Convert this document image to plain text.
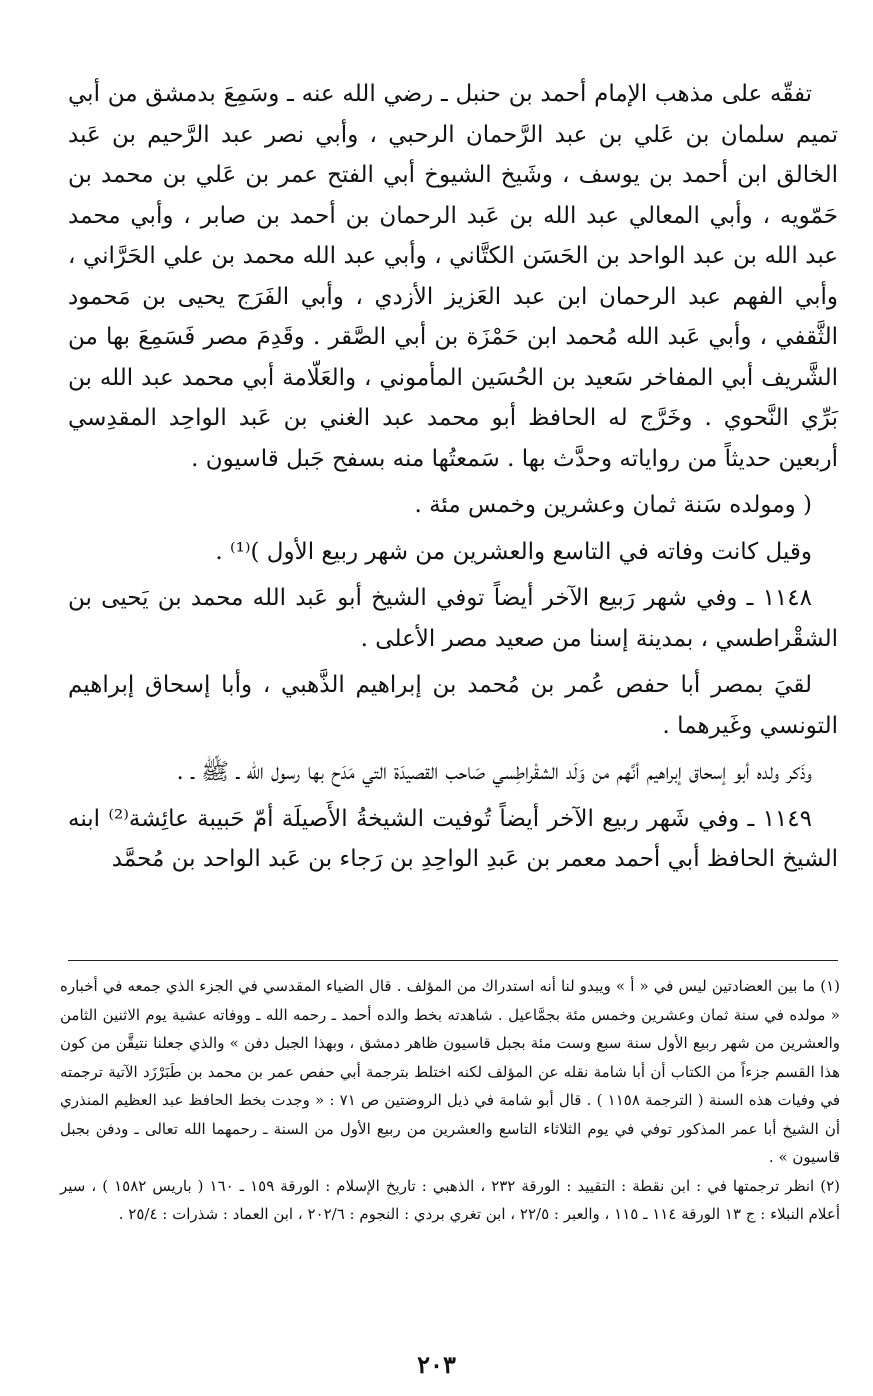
تفقّه على مذهب الإمام أحمد بن حنبل ـ رضي الله عنه ـ وسَمِعَ بدمشق من أبي تميم سلمان بن عَلي بن عبد الرَّحمان الرحبي ، وأبي نصر عبد الرَّحيم بن عَبد الخالق ابن أحمد بن يوسف ، وشَيخ الشيوخ أبي الفتح عمر بن عَلي بن محمد بن حَمّويه ، وأبي المعالي عبد الله بن عَبد الرحمان بن أحمد بن صابر ، وأبي محمد عبد الله بن عبد الواحد بن الحَسَن الكتَّاني ، وأبي عبد الله محمد بن علي الحَرَّاني ، وأبي الفهم عبد الرحمان ابن عبد العَزيز الأزدي ، وأبي الفَرَج يحيى بن مَحمود الثَّقفي ، وأبي عَبد الله مُحمد ابن حَمْزَة بن أبي الصَّقر . وقَدِمَ مصر فَسَمِعَ بها من الشَّريف أبي المفاخر سَعيد بن الحُسَين المأموني ، والعَلّامة أبي محمد عبد الله بن بَرِّي النَّحوي . وخَرَّج له الحافظ أبو محمد عبد الغني بن عَبد الواحِد المقدِسي أربعين حديثاً من رواياته وحدَّث بها . سَمعتُها منه بسفح جَبل قاسيون .

( ومولده سَنة ثمان وعشرين وخمس مئة .

وقيل كانت وفاته في التاسع والعشرين من شهر ربيع الأول )⁽¹⁾ .

١١٤٨ ـ وفي شهر رَبيع الآخر أيضاً توفي الشيخ أبو عَبد الله محمد بن يَحيى بن الشقْراطسي ، بمدينة إسنا من صعيد مصر الأعلى .

لقيَ بمصر أبا حفص عُمر بن مُحمد بن إبراهيم الذَّهبي ، وأبا إسحاق إبراهيم التونسي وغَيرهما .

وذَكر ولده أبو إسحاق إبراهيم أنَّهم من وَلَد الشقْراطِسي صَاحب القصيدَة التي مَدَح بها رسول الله ـ ﷺ ـ .

١١٤٩ ـ وفي شَهر ربيع الآخر أيضاً تُوفيت الشيخةُ الأَصيلَة أمّ حَبيبة عائِشة⁽²⁾ ابنه الشيخ الحافظ أبي أحمد معمر بن عَبدِ الواحِدِ بن رَجاء بن عَبد الواحد بن مُحمَّد

(١) ما بين العضادتين ليس في « أ » ويبدو لنا أنه استدراك من المؤلف . قال الضياء المقدسي في الجزء الذي جمعه في أخباره « مولده في سنة ثمان وعشرين وخمس مئة بجمَّاعيل . شاهدته بخط والده أحمد ـ رحمه الله ـ ووفاته عشية يوم الاثنين الثامن والعشرين من شهر ربيع الأول سنة سبع وست مئة بجبل قاسيون ظاهر دمشق ، وبهذا الجبل دفن » والذي جعلنا نتيقَّن من كون هذا القسم جزءاً من الكتاب أن أبا شامة نقله عن المؤلف لكنه اختلط بترجمة أبي حفص عمر بن محمد بن طَبَرْزَد الآتية ترجمته في وفيات هذه السنة ( الترجمة ١١٥٨ ) . قال أبو شامة في ذيل الروضتين ص ٧١ : « وجدت بخط الحافظ عبد العظيم المنذري أن الشيخ أبا عمر المذكور توفي في يوم الثلاثاء التاسع والعشرين من ربيع الأول من السنة ـ رحمهما الله تعالى ـ ودفن بجبل قاسيون » .

(٢) انظر ترجمتها في : ابن نقطة : التقييد : الورقة ٢٣٢ ، الذهبي : تاريخ الإسلام : الورقة ١٥٩ ـ ١٦٠ ( باريس ١٥٨٢ ) ، سير أعلام النبلاء : ج ١٣ الورقة ١١٤ ـ ١١٥ ، والعبر : ٢٢/٥ ، ابن تغري بردي : النجوم : ٢٠٢/٦ ، ابن العماد : شذرات : ٢٥/٤ .

٢٠٣
